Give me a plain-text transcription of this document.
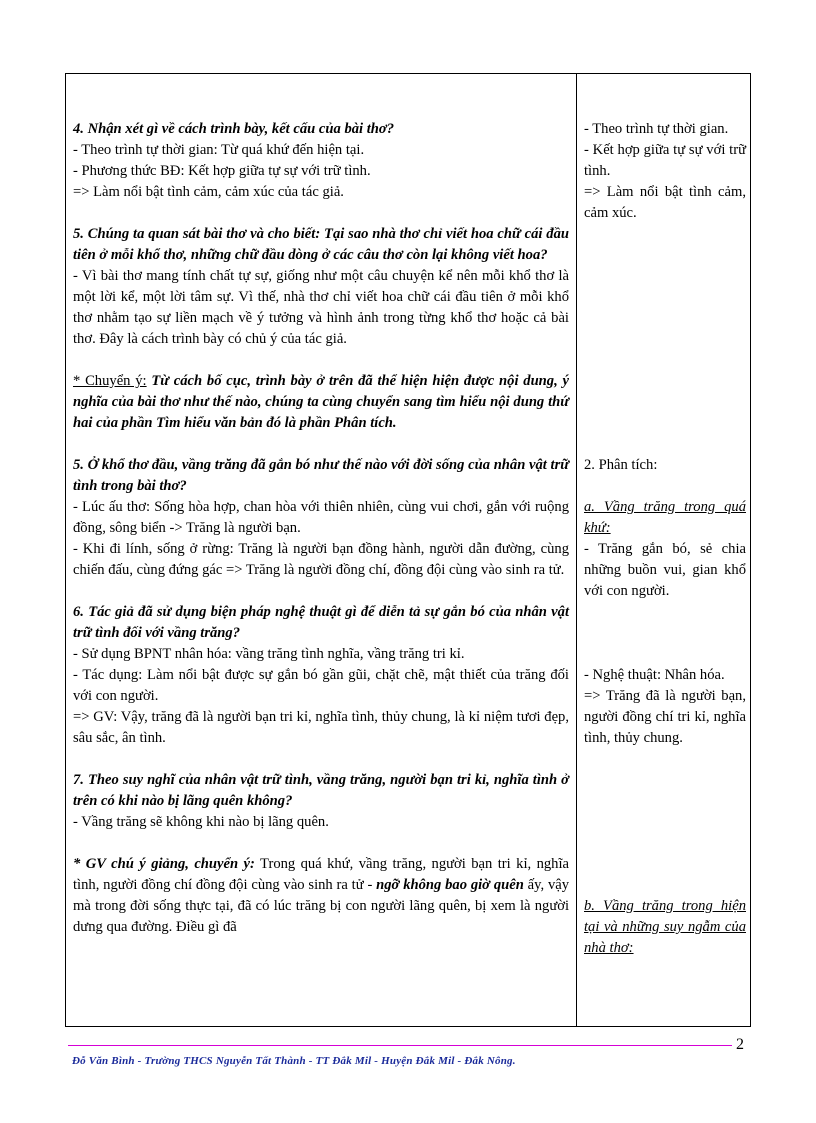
4. Nhận xét gì về cách trình bày, kết cấu của bài thơ?

- Theo trình tự thời gian: Từ quá khứ đến hiện tại.

- Phương thức BĐ: Kết hợp giữa tự sự với trữ tình.

=> Làm nổi bật tình cảm, cảm xúc của tác giả.

5. Chúng ta quan sát bài thơ và cho biết: Tại sao nhà thơ chỉ viết hoa chữ cái đầu tiên ở mỗi khổ thơ, những chữ đầu dòng ở các câu thơ còn lại không viết hoa?

- Vì bài thơ mang tính chất tự sự, giống như một câu chuyện kể nên mỗi khổ thơ là một lời kể, một lời tâm sự. Vì thế, nhà thơ chỉ viết hoa chữ cái đầu tiên ở mỗi khổ thơ nhằm tạo sự liền mạch về ý tưởng và hình ảnh trong từng khổ thơ hoặc cả bài thơ. Đây là cách trình bày có chủ ý của tác giả.

* Chuyển ý: Từ cách bố cục, trình bày ở trên đã thể hiện hiện được nội dung, ý nghĩa của bài thơ như thế nào, chúng ta cùng chuyển sang tìm hiểu nội dung thứ hai của phần Tìm hiểu văn bản đó là phần Phân tích.

5. Ở khổ thơ đầu, vầng trăng đã gắn bó như thế nào với đời sống của nhân vật trữ tình trong bài thơ?

- Lúc ấu thơ: Sống hòa hợp, chan hòa với thiên nhiên, cùng vui chơi, gắn với ruộng đồng, sông biển -> Trăng là người bạn.

- Khi đi lính, sống ở rừng: Trăng là người bạn đồng hành, người dẫn đường, cùng chiến đấu, cùng đứng gác => Trăng là người đồng chí, đồng đội cùng vào sinh ra tử.

6. Tác giả đã sử dụng biện pháp nghệ thuật gì để diễn tả sự gắn bó của nhân vật trữ tình đối với vầng trăng?

- Sử dụng BPNT nhân hóa: vầng trăng tình nghĩa, vầng trăng tri kỉ.

- Tác dụng: Làm nổi bật được sự gắn bó gần gũi, chặt chẽ, mật thiết của trăng đối với con người.

=> GV: Vậy, trăng đã là người bạn tri kỉ, nghĩa tình, thủy chung, là kỉ niệm tươi đẹp, sâu sắc, ân tình.

7. Theo suy nghĩ của nhân vật trữ tình, vầng trăng, người bạn tri kỉ, nghĩa tình ở trên có khi nào bị lãng quên không?

- Vầng trăng sẽ không khi nào bị lãng quên.

* GV chú ý giảng, chuyển ý: Trong quá khứ, vầng trăng, người bạn tri kỉ, nghĩa tình, người đồng chí đồng đội cùng vào sinh ra tử - ngỡ không bao giờ quên ấy, vậy mà trong đời sống thực tại, đã có lúc trăng bị con người lãng quên, bị xem là người dưng qua đường. Điều gì đã

- Theo trình tự thời gian.

- Kết hợp giữa tự sự với trữ tình.

=> Làm nổi bật tình cảm, cảm xúc.

2. Phân tích:

a. Vầng trăng trong quá khứ:

- Trăng gắn bó, sẻ chia những buồn vui, gian khổ với con người.

- Nghệ thuật: Nhân hóa.

=> Trăng đã là người bạn, người đồng chí tri kỉ, nghĩa tình, thủy chung.

b. Vầng trăng trong hiện tại và những suy ngẫm của nhà thơ:

2
Đỗ Văn Bình - Trường THCS Nguyễn Tất Thành - TT Đắk Mil - Huyện Đắk Mil - Đắk Nông.
